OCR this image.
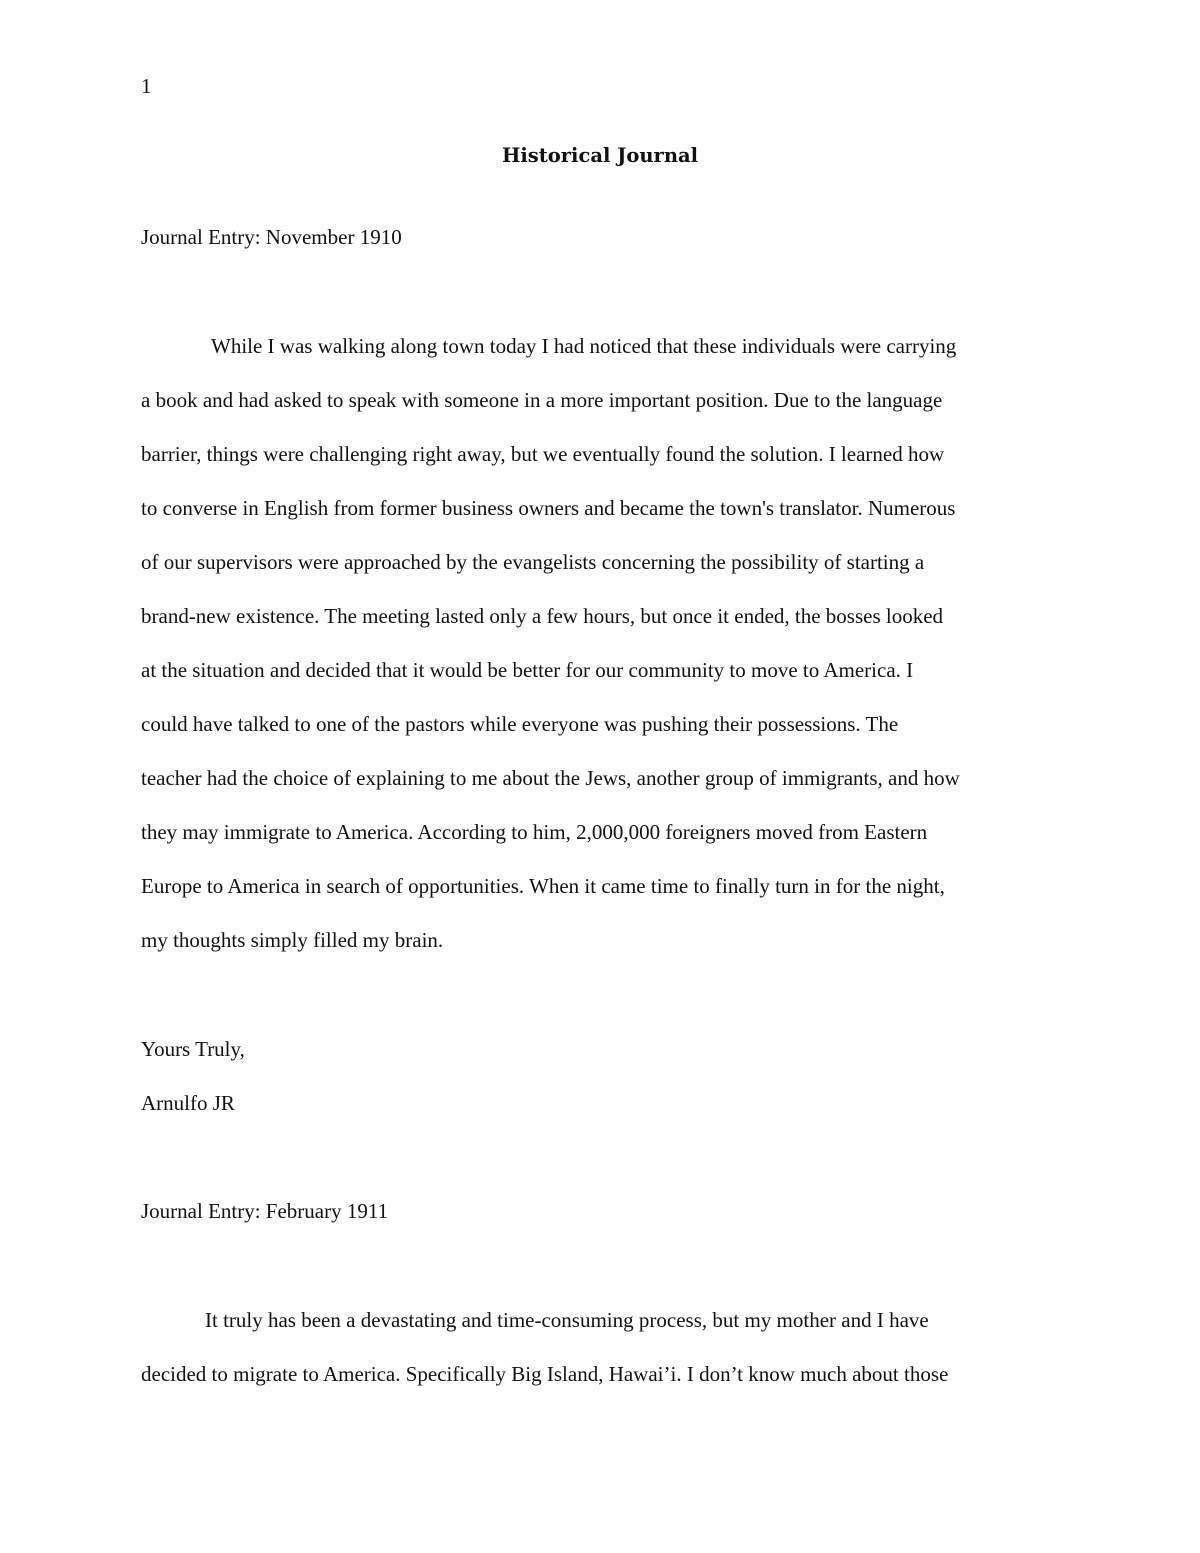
1
Historical Journal
Journal Entry: November 1910
While I was walking along town today I had noticed that these individuals were carrying
a book and had asked to speak with someone in a more important position. Due to the language
barrier, things were challenging right away, but we eventually found the solution. I learned how
to converse in English from former business owners and became the town's translator. Numerous
of our supervisors were approached by the evangelists concerning the possibility of starting a
brand-new existence. The meeting lasted only a few hours, but once it ended, the bosses looked
at the situation and decided that it would be better for our community to move to America. I
could have talked to one of the pastors while everyone was pushing their possessions. The
teacher had the choice of explaining to me about the Jews, another group of immigrants, and how
they may immigrate to America. According to him, 2,000,000 foreigners moved from Eastern
Europe to America in search of opportunities. When it came time to finally turn in for the night,
my thoughts simply filled my brain.
Yours Truly,
Arnulfo JR
Journal Entry: February 1911
It truly has been a devastating and time-consuming process, but my mother and I have
decided to migrate to America. Specifically Big Island, Hawai’i. I don’t know much about those
